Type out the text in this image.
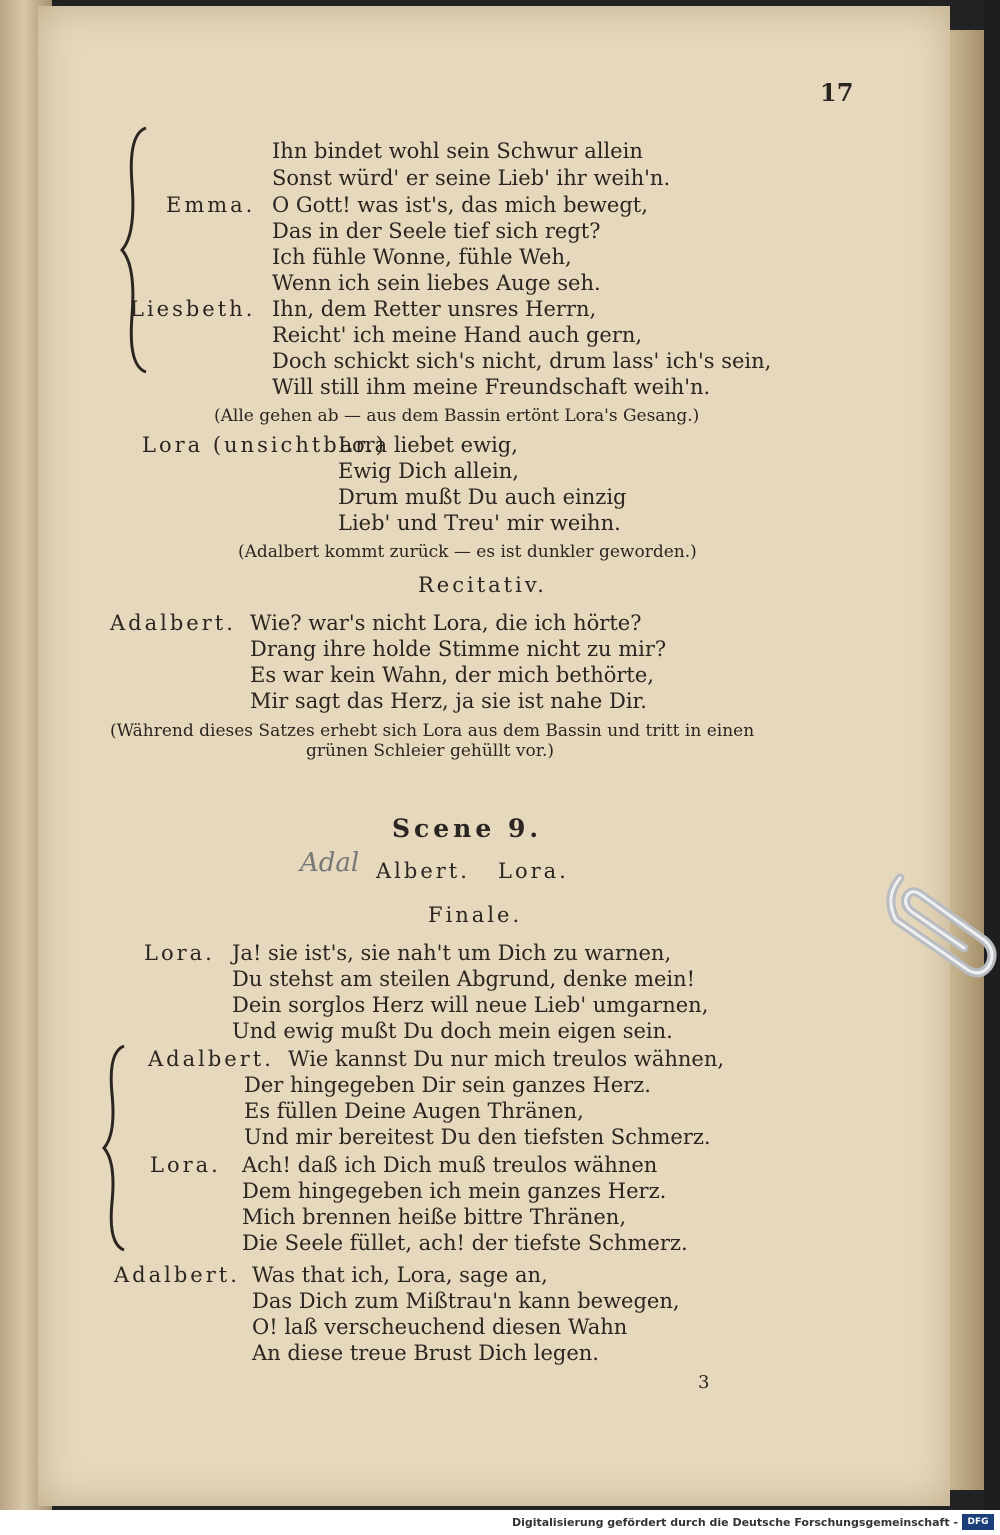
17
Ihn bindet wohl sein Schwur allein
Sonst würd' er seine Lieb' ihr weih'n.
Emma. O Gott! was ist's, das mich bewegt,
Das in der Seele tief sich regt?
Ich fühle Wonne, fühle Weh,
Wenn ich sein liebes Auge seh.
Liesbeth. Ihn, dem Retter unsres Herrn,
Reicht' ich meine Hand auch gern,
Doch schickt sich's nicht, drum lass' ich's sein,
Will still ihm meine Freundschaft weih'n.
(Alle gehen ab — aus dem Bassin ertönt Lora's Gesang.)
Lora (unsichtbar.)
Lora liebet ewig,
Ewig Dich allein,
Drum mußt Du auch einzig
Lieb' und Treu' mir weihn.
(Adalbert kommt zurück — es ist dunkler geworden.)
Recitativ.
Adalbert. Wie? war's nicht Lora, die ich hörte?
Drang ihre holde Stimme nicht zu mir?
Es war kein Wahn, der mich bethörte,
Mir sagt das Herz, ja sie ist nahe Dir.
(Während dieses Satzes erhebt sich Lora aus dem Bassin und tritt in einen
grünen Schleier gehüllt vor.)
Scene 9.
Adal Albert. Lora.
Finale.
Lora. Ja! sie ist's, sie nah't um Dich zu warnen,
Du stehst am steilen Abgrund, denke mein!
Dein sorglos Herz will neue Lieb' umgarnen,
Und ewig mußt Du doch mein eigen sein.
Adalbert. Wie kannst Du nur mich treulos wähnen,
Der hingegeben Dir sein ganzes Herz.
Es füllen Deine Augen Thränen,
Und mir bereitest Du den tiefsten Schmerz.
Lora. Ach! daß ich Dich muß treulos wähnen
Dem hingegeben ich mein ganzes Herz.
Mich brennen heiße bittre Thränen,
Die Seele füllet, ach! der tiefste Schmerz.
Adalbert. Was that ich, Lora, sage an,
Das Dich zum Mißtrau'n kann bewegen,
O! laß verscheuchend diesen Wahn
An diese treue Brust Dich legen.
3
Digitalisierung gefördert durch die Deutsche Forschungsgemeinschaft -	DFG
